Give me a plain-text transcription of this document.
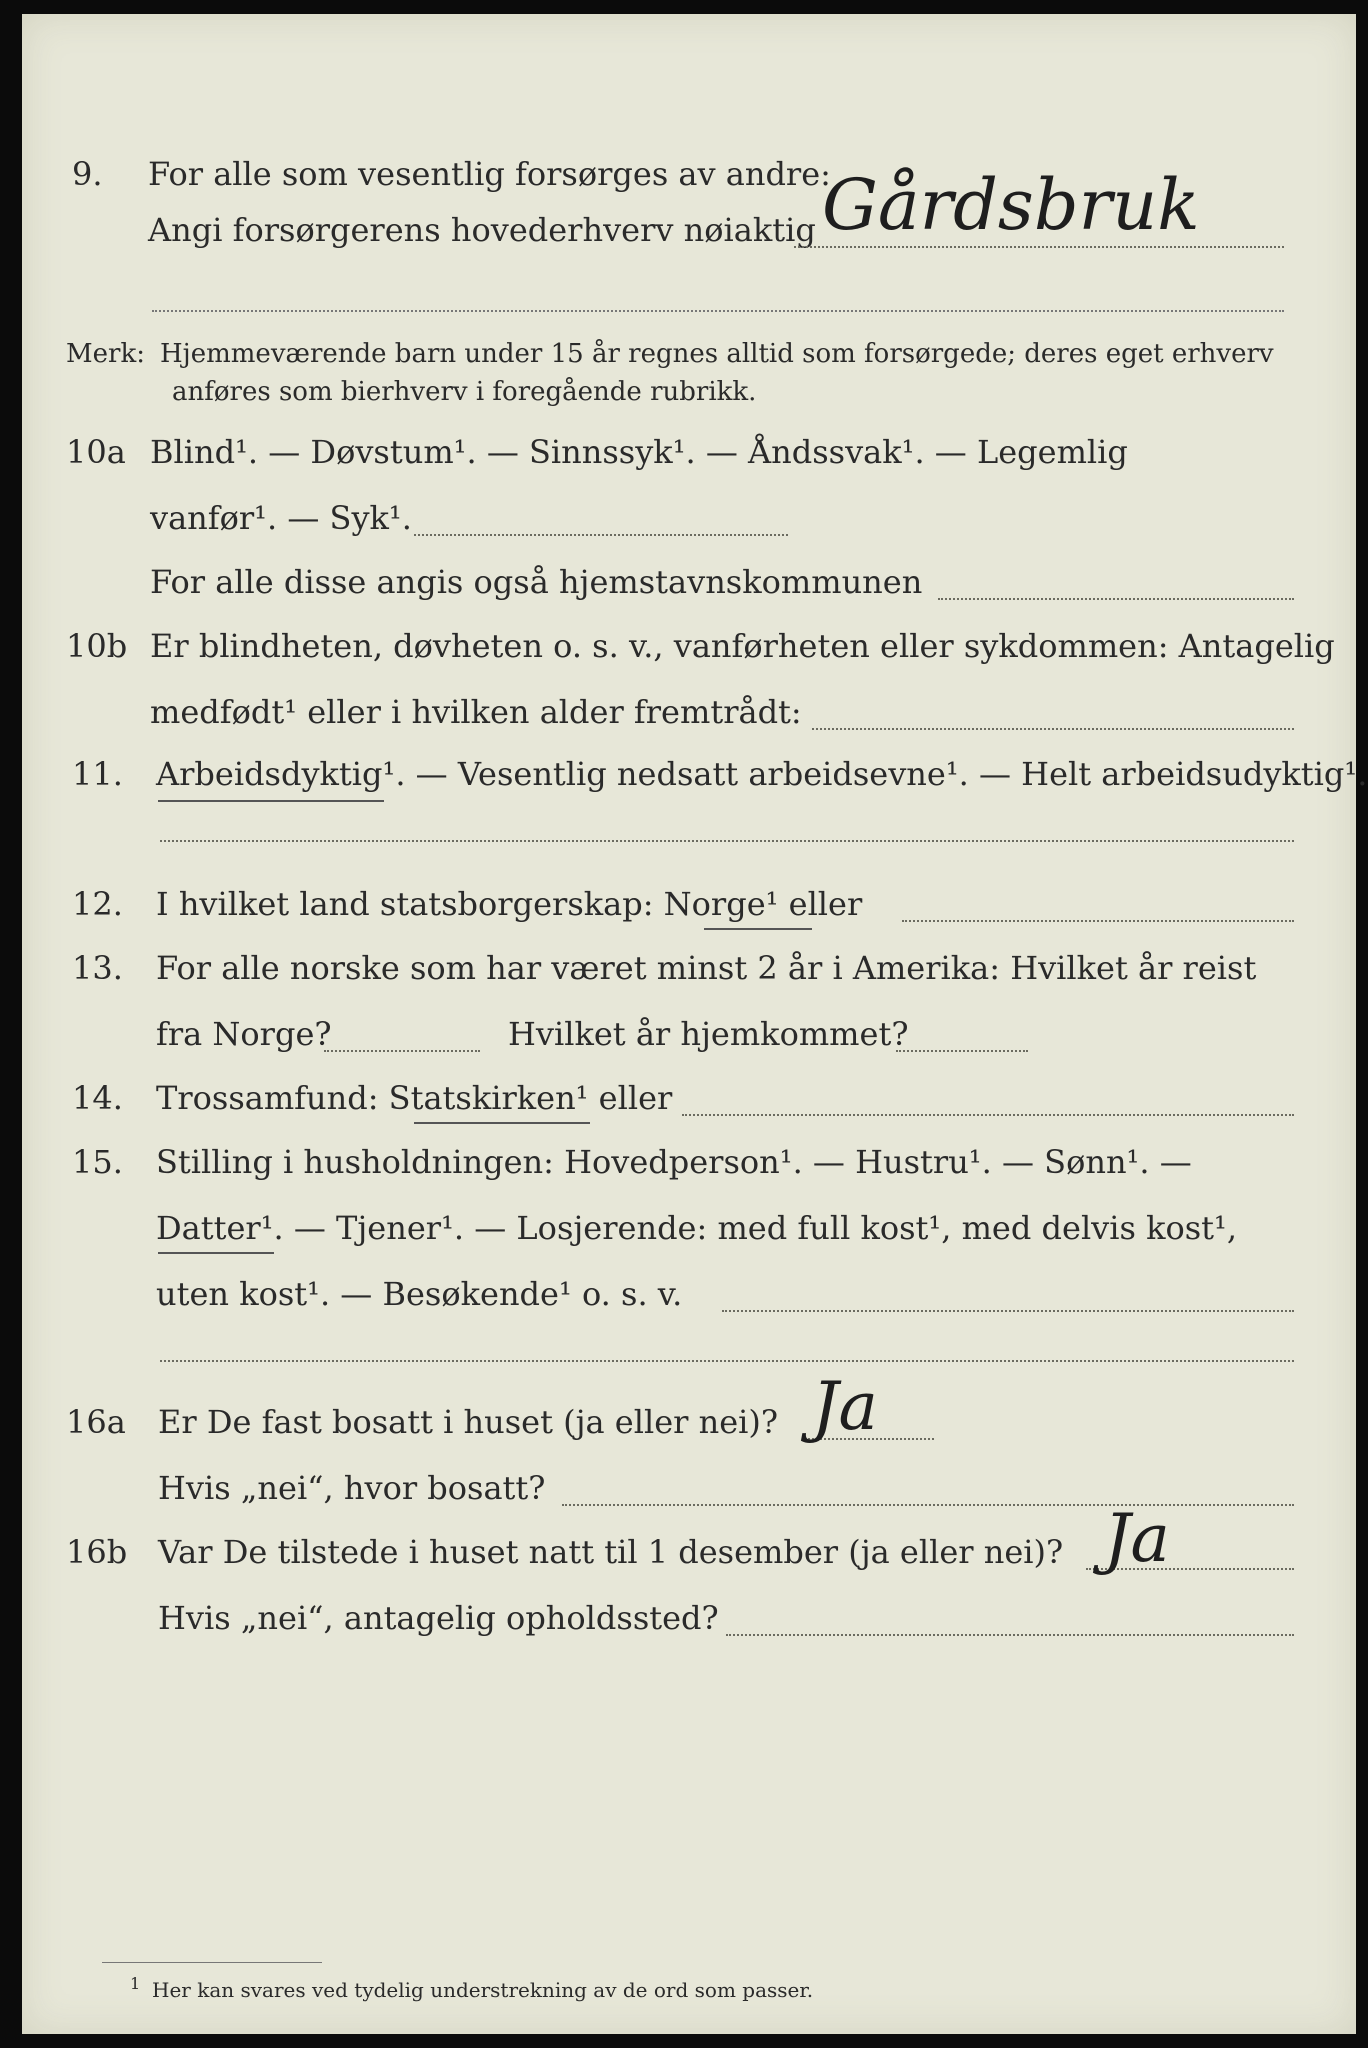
9. For alle som vesentlig forsørges av andre:
Angi forsørgerens hovederhverv nøiaktig Gårdsbruk
Merk: Hjemmeværende barn under 15 år regnes alltid som forsørgede; deres eget erhverv
anføres som bierhverv i foregående rubrikk.
10a Blind¹. — Døvstum¹. — Sinnssyk¹. — Åndssvak¹. — Legemlig
vanfør¹. — Syk¹.
For alle disse angis også hjemstavnskommunen
10b Er blindheten, døvheten o. s. v., vanførheten eller sykdommen: Antagelig
medfødt¹ eller i hvilken alder fremtrådt:
11. Arbeidsdyktig¹. — Vesentlig nedsatt arbeidsevne¹. — Helt arbeidsudyktig¹.
12. I hvilket land statsborgerskap: Norge¹ eller
13. For alle norske som har været minst 2 år i Amerika: Hvilket år reist
fra Norge?	Hvilket år hjemkommet?
14. Trossamfund: Statskirken¹ eller
15. Stilling i husholdningen: Hovedperson¹. — Hustru¹. — Sønn¹. —
Datter¹. — Tjener¹. — Losjerende: med full kost¹, med delvis kost¹,
uten kost¹. — Besøkende¹ o. s. v.
16a Er De fast bosatt i huset (ja eller nei)? Ja
Hvis „nei“, hvor bosatt?
16b Var De tilstede i huset natt til 1 desember (ja eller nei)? Ja
Hvis „nei“, antagelig opholdssted?
1 Her kan svares ved tydelig understrekning av de ord som passer.
